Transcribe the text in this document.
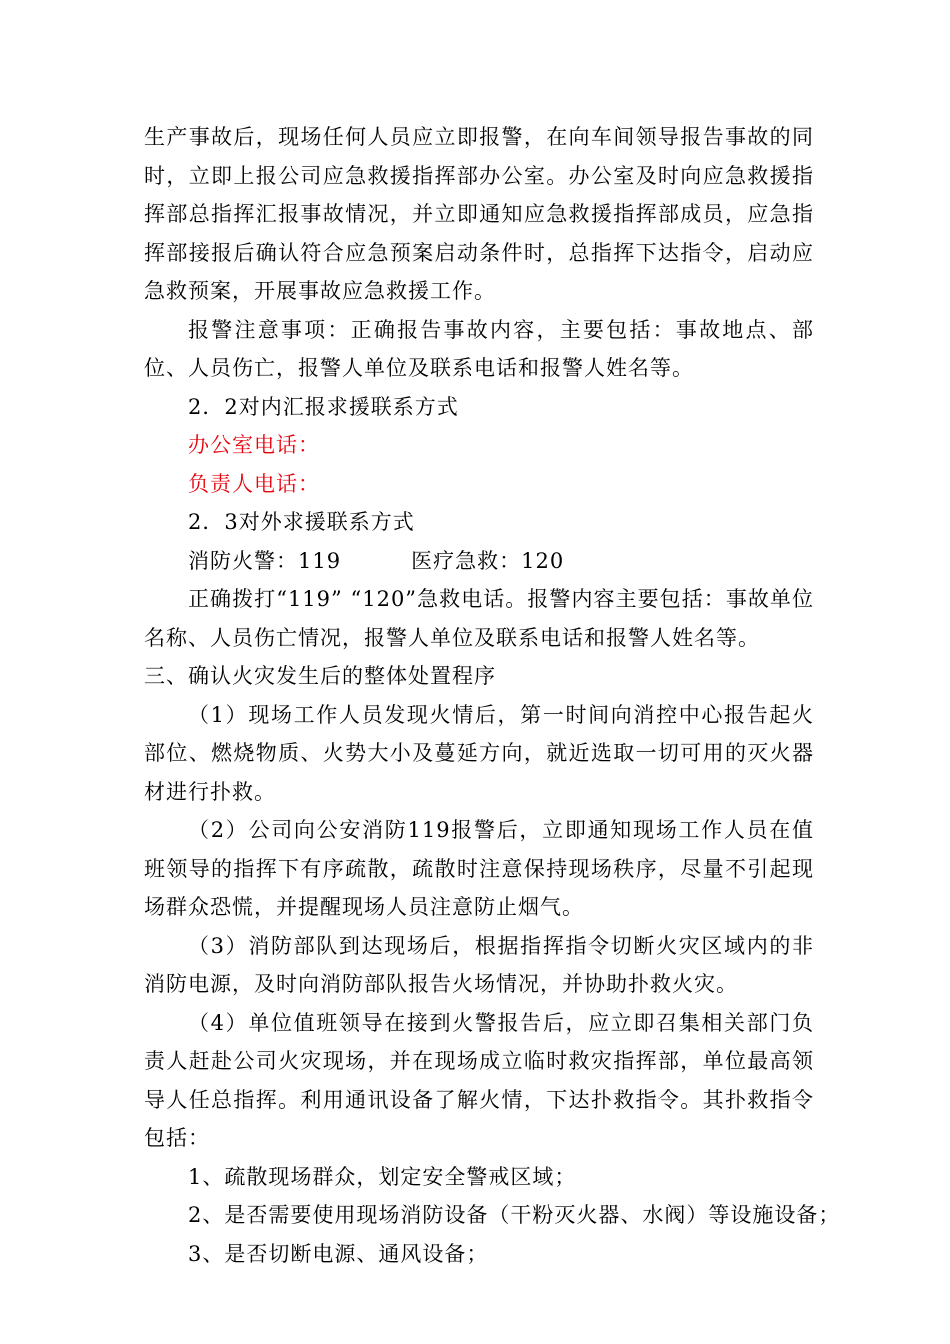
生产事故后，现场任何人员应立即报警，在向车间领导报告事故的同时，立即上报公司应急救援指挥部办公室。办公室及时向应急救援指挥部总指挥汇报事故情况，并立即通知应急救援指挥部成员，应急指挥部接报后确认符合应急预案启动条件时，总指挥下达指令，启动应急救预案，开展事故应急救援工作。

报警注意事项：正确报告事故内容，主要包括：事故地点、部位、人员伤亡，报警人单位及联系电话和报警人姓名等。

2．2对内汇报求援联系方式

办公室电话：

负责人电话：

2．3对外求援联系方式

消防火警：119	医疗急救：120

正确拨打“119” “120”急救电话。报警内容主要包括：事故单位名称、人员伤亡情况，报警人单位及联系电话和报警人姓名等。

三、确认火灾发生后的整体处置程序

（1）现场工作人员发现火情后，第一时间向消控中心报告起火部位、燃烧物质、火势大小及蔓延方向，就近选取一切可用的灭火器材进行扑救。

（2）公司向公安消防119报警后，立即通知现场工作人员在值班领导的指挥下有序疏散，疏散时注意保持现场秩序，尽量不引起现场群众恐慌，并提醒现场人员注意防止烟气。

（3）消防部队到达现场后，根据指挥指令切断火灾区域内的非消防电源，及时向消防部队报告火场情况，并协助扑救火灾。

（4）单位值班领导在接到火警报告后，应立即召集相关部门负责人赶赴公司火灾现场，并在现场成立临时救灾指挥部，单位最高领导人任总指挥。利用通讯设备了解火情，下达扑救指令。其扑救指令包括：

1、疏散现场群众，划定安全警戒区域；

2、是否需要使用现场消防设备（干粉灭火器、水阀）等设施设备；

3、是否切断电源、通风设备；
